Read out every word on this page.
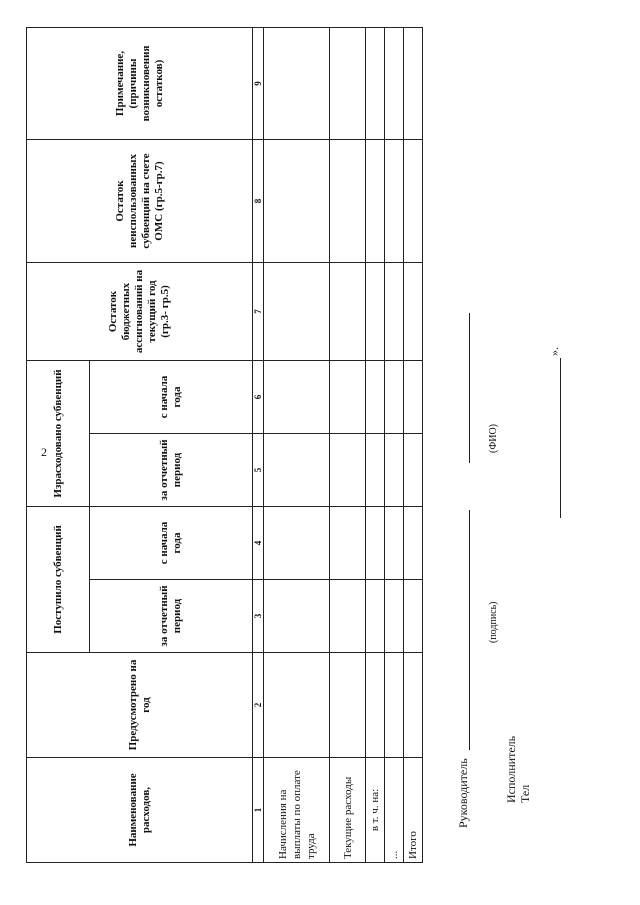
2
Наименование расходов,	Предусмотрено на год	Поступило субвенций		Израсходовано субвенций		Остаток бюджетных ассигнований на текущий год (гр.3- гр.5)	Остаток неиспользованных субвенций на счете ОМС (гр.5-гр.7)	Примечание, (причины возникновения остатков)
		за отчетный период	с начала года	за отчетный период	с начала года			
1	2	3	4	5	6	7	8	9
Начисления на выплаты по оплате труда								
Текущие расходы								
в т. ч. на:								
...								
Итого								
Руководитель
(подпись)
(ФИО)
Исполнитель Тел
».
